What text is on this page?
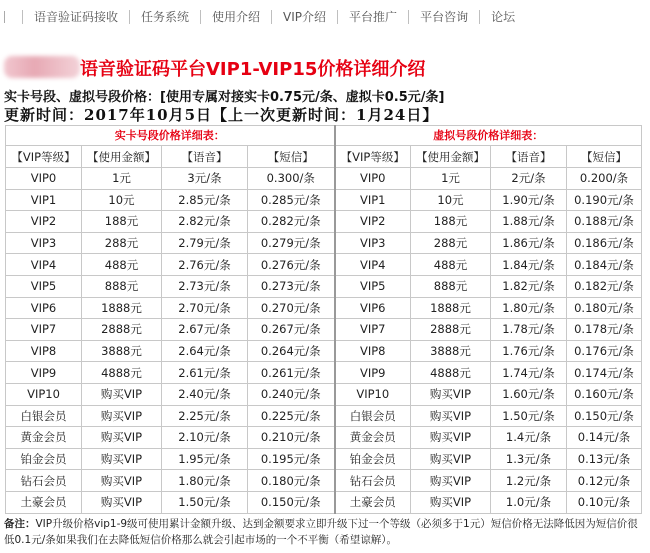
语音验证码接收	任务系统	使用介绍	VIP介绍	平台推广	平台咨询	论坛
语音验证码平台VIP1-VIP15价格详细介绍
实卡号段、虚拟号段价格：[使用专属对接实卡0.75元/条、虚拟卡0.5元/条]
更新时间：2017年10月5日【上一次更新时间：1月24日】
实卡号段价格详细表：				虚拟号段价格详细表：			
【VIP等级】	【使用金额】	【语音】	【短信】	【VIP等级】	【使用金额】	【语音】	【短信】
VIP0	1元	3元/条	0.300/条	VIP0	1元	2元/条	0.200/条
VIP1	10元	2.85元/条	0.285元/条	VIP1	10元	1.90元/条	0.190元/条
VIP2	188元	2.82元/条	0.282元/条	VIP2	188元	1.88元/条	0.188元/条
VIP3	288元	2.79元/条	0.279元/条	VIP3	288元	1.86元/条	0.186元/条
VIP4	488元	2.76元/条	0.276元/条	VIP4	488元	1.84元/条	0.184元/条
VIP5	888元	2.73元/条	0.273元/条	VIP5	888元	1.82元/条	0.182元/条
VIP6	1888元	2.70元/条	0.270元/条	VIP6	1888元	1.80元/条	0.180元/条
VIP7	2888元	2.67元/条	0.267元/条	VIP7	2888元	1.78元/条	0.178元/条
VIP8	3888元	2.64元/条	0.264元/条	VIP8	3888元	1.76元/条	0.176元/条
VIP9	4888元	2.61元/条	0.261元/条	VIP9	4888元	1.74元/条	0.174元/条
VIP10	购买VIP	2.40元/条	0.240元/条	VIP10	购买VIP	1.60元/条	0.160元/条
白银会员	购买VIP	2.25元/条	0.225元/条	白银会员	购买VIP	1.50元/条	0.150元/条
黄金会员	购买VIP	2.10元/条	0.210元/条	黄金会员	购买VIP	1.4元/条	0.14元/条
铂金会员	购买VIP	1.95元/条	0.195元/条	铂金会员	购买VIP	1.3元/条	0.13元/条
钻石会员	购买VIP	1.80元/条	0.180元/条	钻石会员	购买VIP	1.2元/条	0.12元/条
土豪会员	购买VIP	1.50元/条	0.150元/条	土豪会员	购买VIP	1.0元/条	0.10元/条
备注：VIP升级价格vip1-9级可使用累计金额升级、达到金额要求立即升级下过一个等级（必须多于1元）短信价格无法降低因为短信价很低0.1元/条如果我们在去降低短信价格那么就会引起市场的一个不平衡（希望谅解）。
